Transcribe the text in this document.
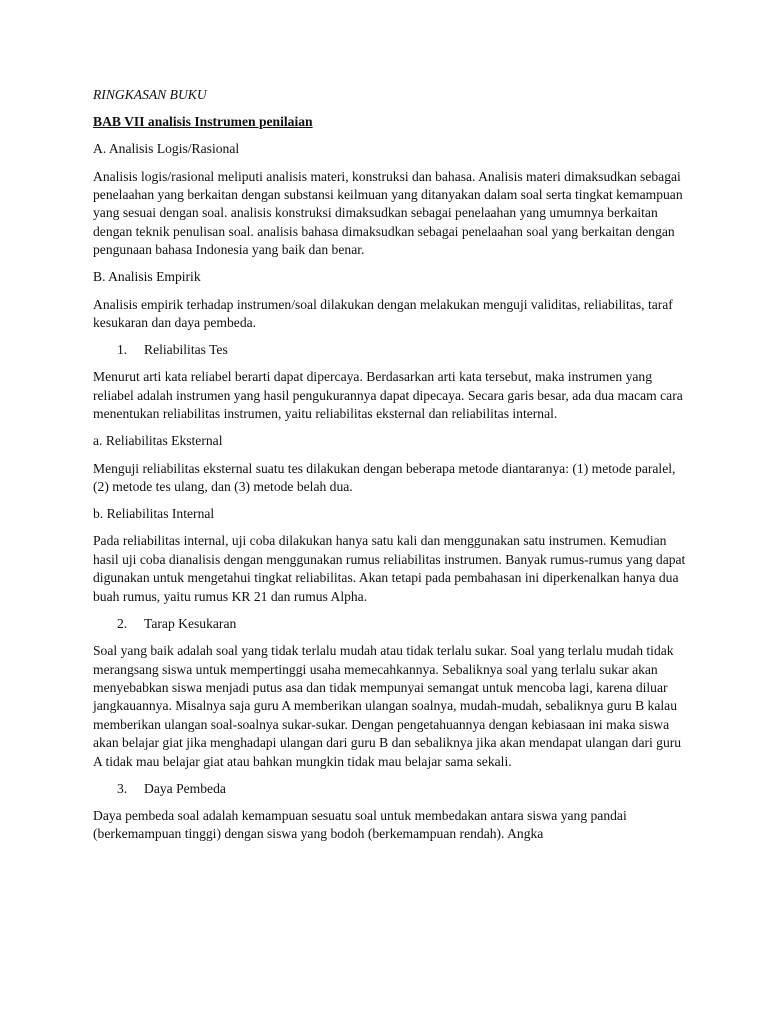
RINGKASAN BUKU

BAB VII analisis Instrumen penilaian

A. Analisis Logis/Rasional

Analisis logis/rasional meliputi analisis materi, konstruksi dan bahasa. Analisis materi dimaksudkan sebagai penelaahan yang berkaitan dengan substansi keilmuan yang ditanyakan dalam soal serta tingkat kemampuan yang sesuai dengan soal. analisis konstruksi dimaksudkan sebagai penelaahan yang umumnya berkaitan dengan teknik penulisan soal. analisis bahasa dimaksudkan sebagai penelaahan soal yang berkaitan dengan pengunaan bahasa Indonesia yang baik dan benar.

B. Analisis Empirik

Analisis empirik terhadap instrumen/soal dilakukan dengan melakukan menguji validitas, reliabilitas, taraf kesukaran dan daya pembeda.

1.	Reliabilitas Tes

Menurut arti kata reliabel berarti dapat dipercaya. Berdasarkan arti kata tersebut, maka instrumen yang reliabel adalah instrumen yang hasil pengukurannya dapat dipecaya. Secara garis besar, ada dua macam cara menentukan reliabilitas instrumen, yaitu reliabilitas eksternal dan reliabilitas internal.

a. Reliabilitas Eksternal

Menguji reliabilitas eksternal suatu tes dilakukan dengan beberapa metode diantaranya: (1) metode paralel, (2) metode tes ulang, dan (3) metode belah dua.

b. Reliabilitas Internal

Pada reliabilitas internal, uji coba dilakukan hanya satu kali dan menggunakan satu instrumen. Kemudian hasil uji coba dianalisis dengan menggunakan rumus reliabilitas instrumen. Banyak rumus-rumus yang dapat digunakan untuk mengetahui tingkat reliabilitas. Akan tetapi pada pembahasan ini diperkenalkan hanya dua buah rumus, yaitu rumus KR 21 dan rumus Alpha.

2.	Tarap Kesukaran

Soal yang baik adalah soal yang tidak terlalu mudah atau tidak terlalu sukar. Soal yang terlalu mudah tidak merangsang siswa untuk mempertinggi usaha memecahkannya. Sebaliknya soal yang terlalu sukar akan menyebabkan siswa menjadi putus asa dan tidak mempunyai semangat untuk mencoba lagi, karena diluar jangkauannya. Misalnya saja guru A memberikan ulangan soalnya, mudah-mudah, sebaliknya guru B kalau memberikan ulangan soal-soalnya sukar-sukar. Dengan pengetahuannya dengan kebiasaan ini maka siswa akan belajar giat jika menghadapi ulangan dari guru B dan sebaliknya jika akan mendapat ulangan dari guru A tidak mau belajar giat atau bahkan mungkin tidak mau belajar sama sekali.

3.	Daya Pembeda

Daya pembeda soal adalah kemampuan sesuatu soal untuk membedakan antara siswa yang pandai (berkemampuan tinggi) dengan siswa yang bodoh (berkemampuan rendah). Angka
